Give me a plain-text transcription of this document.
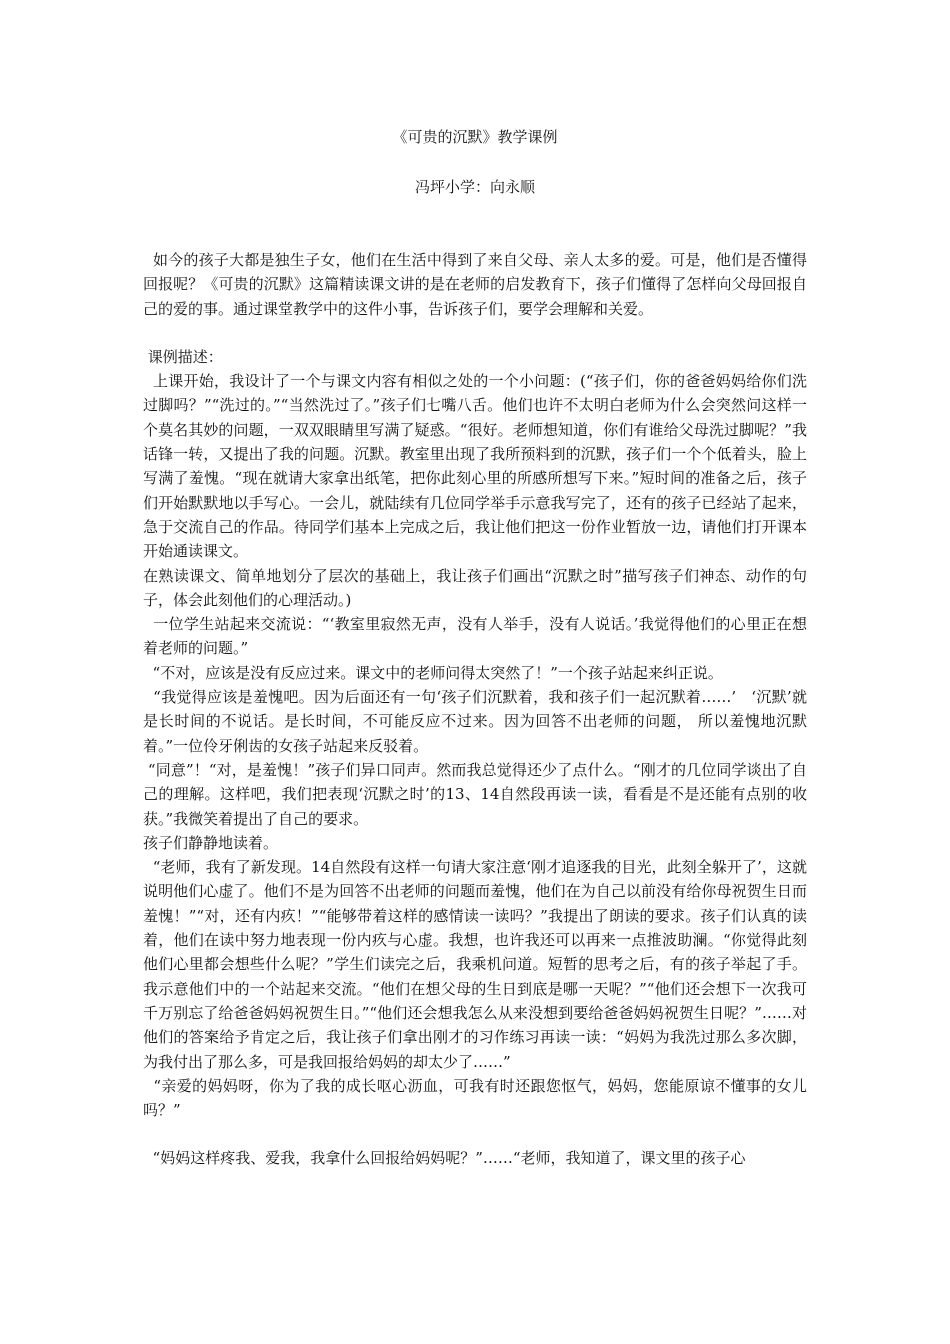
《可贵的沉默》教学课例
冯坪小学：向永顺

如今的孩子大都是独生子女，他们在生活中得到了来自父母、亲人太多的爱。可是，他们是否懂得回报呢？《可贵的沉默》这篇精读课文讲的是在老师的启发教育下，孩子们懂得了怎样向父母回报自己的爱的事。通过课堂教学中的这件小事，告诉孩子们，要学会理解和关爱。

课例描述：

上课开始，我设计了一个与课文内容有相似之处的一个小问题：(“孩子们，你的爸爸妈妈给你们洗过脚吗？”“洗过的。”“当然洗过了。”孩子们七嘴八舌。他们也许不太明白老师为什么会突然问这样一个莫名其妙的问题，一双双眼睛里写满了疑惑。“很好。老师想知道，你们有谁给父母洗过脚呢？”我话锋一转，又提出了我的问题。沉默。教室里出现了我所预料到的沉默，孩子们一个个低着头，脸上写满了羞愧。“现在就请大家拿出纸笔，把你此刻心里的所感所想写下来。”短时间的准备之后，孩子们开始默默地以手写心。一会儿，就陆续有几位同学举手示意我写完了，还有的孩子已经站了起来，急于交流自己的作品。待同学们基本上完成之后，我让他们把这一份作业暂放一边，请他们打开课本开始通读课文。

在熟读课文、简单地划分了层次的基础上，我让孩子们画出“沉默之时”描写孩子们神态、动作的句子，体会此刻他们的心理活动。)

一位学生站起来交流说：“‘教室里寂然无声，没有人举手，没有人说话。’我觉得他们的心里正在想着老师的问题。”

“不对，应该是没有反应过来。课文中的老师问得太突然了！”一个孩子站起来纠正说。

“我觉得应该是羞愧吧。因为后面还有一句‘孩子们沉默着，我和孩子们一起沉默着……’   ‘沉默’就是长时间的不说话。是长时间，不可能反应不过来。因为回答不出老师的问题， 所以羞愧地沉默着。”一位伶牙俐齿的女孩子站起来反驳着。

“同意”！“对，是羞愧！”孩子们异口同声。然而我总觉得还少了点什么。“刚才的几位同学谈出了自己的理解。这样吧，我们把表现‘沉默之时’的13、14自然段再读一读，看看是不是还能有点别的收获。”我微笑着提出了自己的要求。

孩子们静静地读着。

“老师，我有了新发现。14自然段有这样一句请大家注意‘刚才追逐我的目光，此刻全躲开了’，这就说明他们心虚了。他们不是为回答不出老师的问题而羞愧，他们在为自己以前没有给你母祝贺生日而羞愧！”“对，还有内疚！”“能够带着这样的感情读一读吗？”我提出了朗读的要求。孩子们认真的读着，他们在读中努力地表现一份内疚与心虚。我想，也许我还可以再来一点推波助澜。“你觉得此刻他们心里都会想些什么呢？”学生们读完之后，我乘机问道。短暂的思考之后，有的孩子举起了手。我示意他们中的一个站起来交流。“他们在想父母的生日到底是哪一天呢？”“他们还会想下一次我可千万别忘了给爸爸妈妈祝贺生日。”“他们还会想我怎么从来没想到要给爸爸妈妈祝贺生日呢？”……对他们的答案给予肯定之后，我让孩子们拿出刚才的习作练习再读一读：“妈妈为我洗过那么多次脚，为我付出了那么多，可是我回报给妈妈的却太少了……”

“亲爱的妈妈呀，你为了我的成长呕心沥血，可我有时还跟您怄气，妈妈，您能原谅不懂事的女儿吗？”

“妈妈这样疼我、爱我，我拿什么回报给妈妈呢？”……“老师，我知道了，课文里的孩子心
